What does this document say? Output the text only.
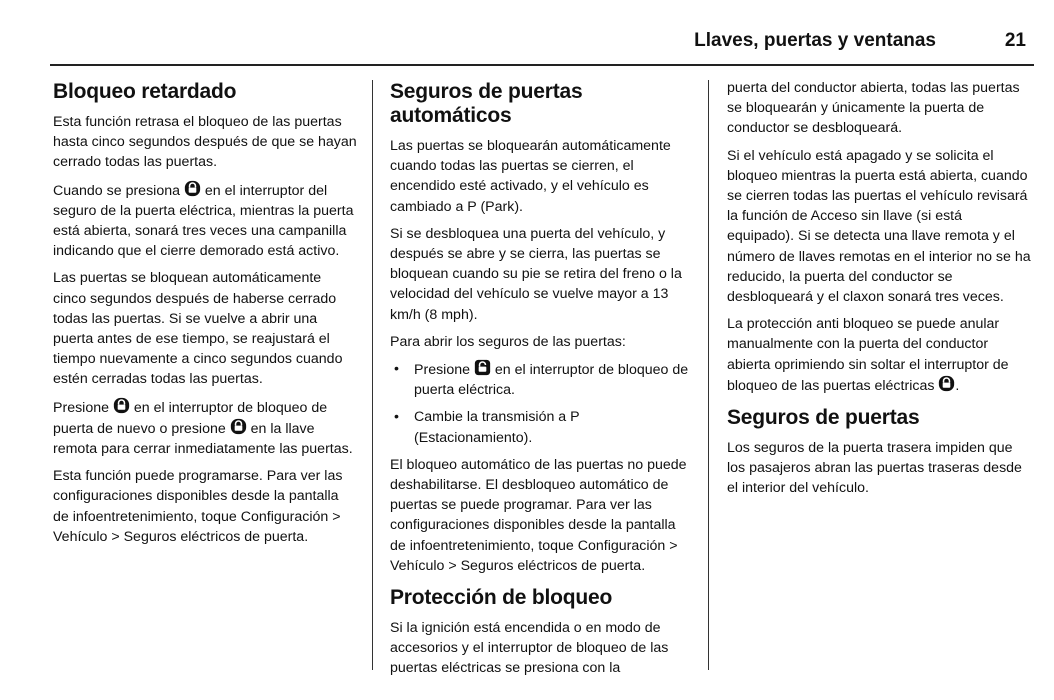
Llaves, puertas y ventanas	21
Bloqueo retardado

Esta función retrasa el bloqueo de las puertas hasta cinco segundos después de que se hayan cerrado todas las puertas.

Cuando se presiona  en el interruptor del seguro de la puerta eléctrica, mientras la puerta está abierta, sonará tres veces una campanilla indicando que el cierre demorado está activo.

Las puertas se bloquean automáticamente cinco segundos después de haberse cerrado todas las puertas. Si se vuelve a abrir una puerta antes de ese tiempo, se reajustará el tiempo nuevamente a cinco segundos cuando estén cerradas todas las puertas.

Presione  en el interruptor de bloqueo de puerta de nuevo o presione  en la llave remota para cerrar inmediatamente las puertas.

Esta función puede programarse. Para ver las configuraciones disponibles desde la pantalla de infoentretenimiento, toque Configuración > Vehículo > Seguros eléctricos de puerta.

Seguros de puertas automáticos

Las puertas se bloquearán automáticamente cuando todas las puertas se cierren, el encendido esté activado, y el vehículo es cambiado a P (Park).

Si se desbloquea una puerta del vehículo, y después se abre y se cierra, las puertas se bloquean cuando su pie se retira del freno o la velocidad del vehículo se vuelve mayor a 13 km/h (8 mph).

Para abrir los seguros de las puertas:

• Presione  en el interruptor de bloqueo de puerta eléctrica.
• Cambie la transmisión a P (Estacionamiento).

El bloqueo automático de las puertas no puede deshabilitarse. El desbloqueo automático de puertas se puede programar. Para ver las configuraciones disponibles desde la pantalla de infoentretenimiento, toque Configuración > Vehículo > Seguros eléctricos de puerta.

Protección de bloqueo

Si la ignición está encendida o en modo de accesorios y el interruptor de bloqueo de las puertas eléctricas se presiona con la

puerta del conductor abierta, todas las puertas se bloquearán y únicamente la puerta de conductor se desbloqueará.

Si el vehículo está apagado y se solicita el bloqueo mientras la puerta está abierta, cuando se cierren todas las puertas el vehículo revisará la función de Acceso sin llave (si está equipado). Si se detecta una llave remota y el número de llaves remotas en el interior no se ha reducido, la puerta del conductor se desbloqueará y el claxon sonará tres veces.

La protección anti bloqueo se puede anular manualmente con la puerta del conductor abierta oprimiendo sin soltar el interruptor de bloqueo de las puertas eléctricas .

Seguros de puertas

Los seguros de la puerta trasera impiden que los pasajeros abran las puertas traseras desde el interior del vehículo.
